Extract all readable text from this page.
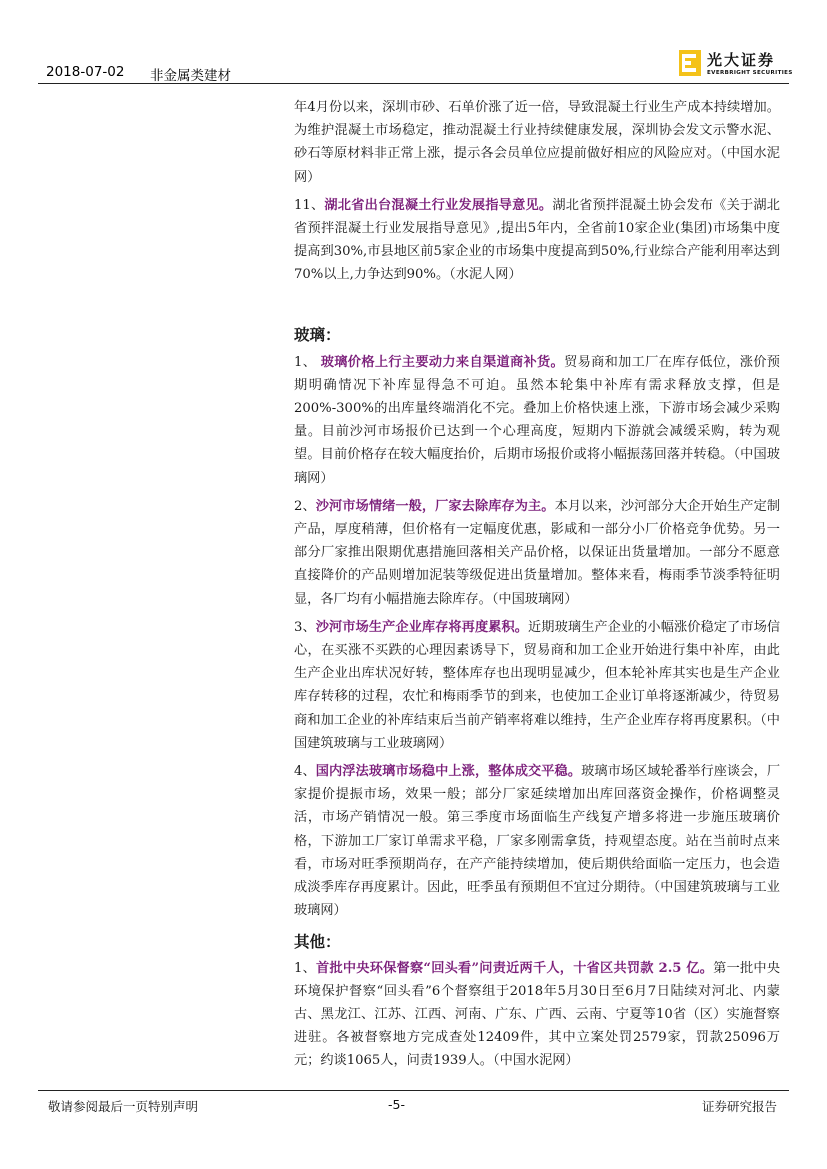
2018-07-02 非金属类建材
光大证券
EVERBRIGHT SECURITIES

年4月份以来，深圳市砂、石单价涨了近一倍，导致混凝土行业生产成本持续增加。为维护混凝土市场稳定，推动混凝土行业持续健康发展，深圳协会发文示警水泥、砂石等原材料非正常上涨，提示各会员单位应提前做好相应的风险应对。（中国水泥网）

11、湖北省出台混凝土行业发展指导意见。湖北省预拌混凝土协会发布《关于湖北省预拌混凝土行业发展指导意见》,提出5年内，全省前10家企业(集团)市场集中度提高到30%,市县地区前5家企业的市场集中度提高到50%,行业综合产能利用率达到70%以上,力争达到90%。（水泥人网）

玻璃：

1、 玻璃价格上行主要动力来自渠道商补货。贸易商和加工厂在库存低位，涨价预期明确情况下补库显得急不可迫。虽然本轮集中补库有需求释放支撑，但是200%-300%的出库量终端消化不完。叠加上价格快速上涨，下游市场会减少采购量。目前沙河市场报价已达到一个心理高度，短期内下游就会减缓采购，转为观望。目前价格存在较大幅度抬价，后期市场报价或将小幅振荡回落并转稳。（中国玻璃网）

2、沙河市场情绪一般，厂家去除库存为主。本月以来，沙河部分大企开始生产定制产品，厚度稍薄，但价格有一定幅度优惠，影咸和一部分小厂价格竞争优势。另一部分厂家推出限期优惠措施回落相关产品价格，以保证出货量增加。一部分不愿意直接降价的产品则增加泥装等级促进出货量增加。整体来看，梅雨季节淡季特征明显，各厂均有小幅措施去除库存。（中国玻璃网）

3、沙河市场生产企业库存将再度累积。近期玻璃生产企业的小幅涨价稳定了市场信心，在买涨不买跌的心理因素诱导下，贸易商和加工企业开始进行集中补库，由此生产企业出库状况好转，整体库存也出现明显减少，但本轮补库其实也是生产企业库存转移的过程，农忙和梅雨季节的到来，也使加工企业订单将逐渐减少，待贸易商和加工企业的补库结束后当前产销率将难以维持，生产企业库存将再度累积。（中国建筑玻璃与工业玻璃网）

4、国内浮法玻璃市场稳中上涨，整体成交平稳。玻璃市场区域轮番举行座谈会，厂家提价提振市场，效果一般；部分厂家延续增加出库回落资金操作，价格调整灵活，市场产销情况一般。第三季度市场面临生产线复产增多将进一步施压玻璃价格，下游加工厂家订单需求平稳，厂家多刚需拿货，持观望态度。站在当前时点来看，市场对旺季预期尚存，在产产能持续增加，使后期供给面临一定压力，也会造成淡季库存再度累计。因此，旺季虽有预期但不宜过分期待。（中国建筑玻璃与工业玻璃网）

其他：

1、首批中央环保督察“回头看”问责近两千人，十省区共罚款 2.5 亿。第一批中央环境保护督察“回头看”6个督察组于2018年5月30日至6月7日陆续对河北、内蒙古、黑龙江、江苏、江西、河南、广东、广西、云南、宁夏等10省（区）实施督察进驻。各被督察地方完成查处12409件，其中立案处罚2579家，罚款25096万元；约谈1065人，问责1939人。（中国水泥网）

敬请参阅最后一页特别声明	-5-	证券研究报告
